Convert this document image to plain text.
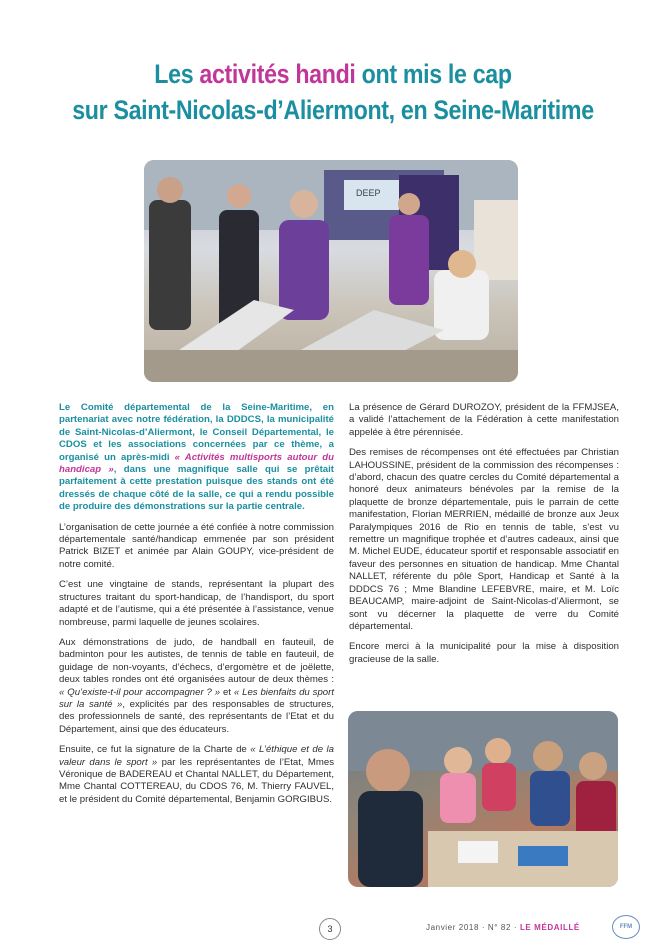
Les activités handi ont mis le cap
sur Saint-Nicolas-d’Aliermont, en Seine-Maritime
DEEP

Le Comité départemental de la Seine-Maritime, en partenariat avec notre fédération, la DDDCS, la municipalité de Saint-Nicolas-d’Aliermont, le Conseil Départemental, le CDOS et les associations concernées par ce thème, a organisé un après-midi « Activités multisports autour du handicap », dans une magnifique salle qui se prêtait parfaitement à cette prestation puisque des stands ont été dressés de chaque côté de la salle, ce qui a rendu possible de produire des démonstrations sur la partie centrale.

L’organisation de cette journée a été confiée à notre commission départementale santé/handicap emmenée par son président Patrick BIZET et animée par Alain GOUPY, vice-président de notre comité.

C’est une vingtaine de stands, représentant la plupart des structures traitant du sport-handicap, de l’handisport, du sport adapté et de l’autisme, qui a été présentée à l’assistance, venue nombreuse, parmi laquelle de jeunes scolaires.

Aux démonstrations de judo, de handball en fauteuil, de badminton pour les autistes, de tennis de table en fauteuil, de guidage de non-voyants, d’échecs, d’ergomètre et de joëlette, deux tables rondes ont été organisées autour de deux thèmes : « Qu’existe-t-il pour accompagner ? » et « Les bienfaits du sport sur la santé », explicités par des responsables de structures, des professionnels de santé, des représentants de l’Etat et du Département, ainsi que des éducateurs.

Ensuite, ce fut la signature de la Charte de « L’éthique et de la valeur dans le sport » par les représentantes de l’Etat, Mmes Véronique de BADEREAU et Chantal NALLET, du Département, Mme Chantal COTTEREAU, du CDOS 76, M. Thierry FAUVEL, et le président du Comité départemental, Benjamin GORGIBUS.

La présence de Gérard DUROZOY, président de la FFMJSEA, a validé l’attachement de la Fédération à cette manifestation appelée à être pérennisée.

Des remises de récompenses ont été effectuées par Christian LAHOUSSINE, président de la commission des récompenses : d’abord, chacun des quatre cercles du Comité départemental a honoré deux animateurs bénévoles par la remise de la plaquette de bronze départementale, puis le parrain de cette manifestation, Florian MERRIEN, médaillé de bronze aux Jeux Paralympiques 2016 de Rio en tennis de table, s’est vu remettre un magnifique trophée et d’autres cadeaux, ainsi que M. Michel EUDE, éducateur sportif et responsable associatif en faveur des personnes en situation de handicap. Mme Chantal NALLET, référente du pôle Sport, Handicap et Santé à la DDDCS 76 ; Mme Blandine LEFEBVRE, maire, et M. Loïc BEAUCAMP, maire-adjoint de Saint-Nicolas-d’Aliermont, se sont vu décerner la plaquette de verre du Comité départemental.

Encore merci à la municipalité pour la mise à disposition gracieuse de la salle.

3	Janvier 2018 · N° 82 · LE MÉDAILLÉ	FFM
